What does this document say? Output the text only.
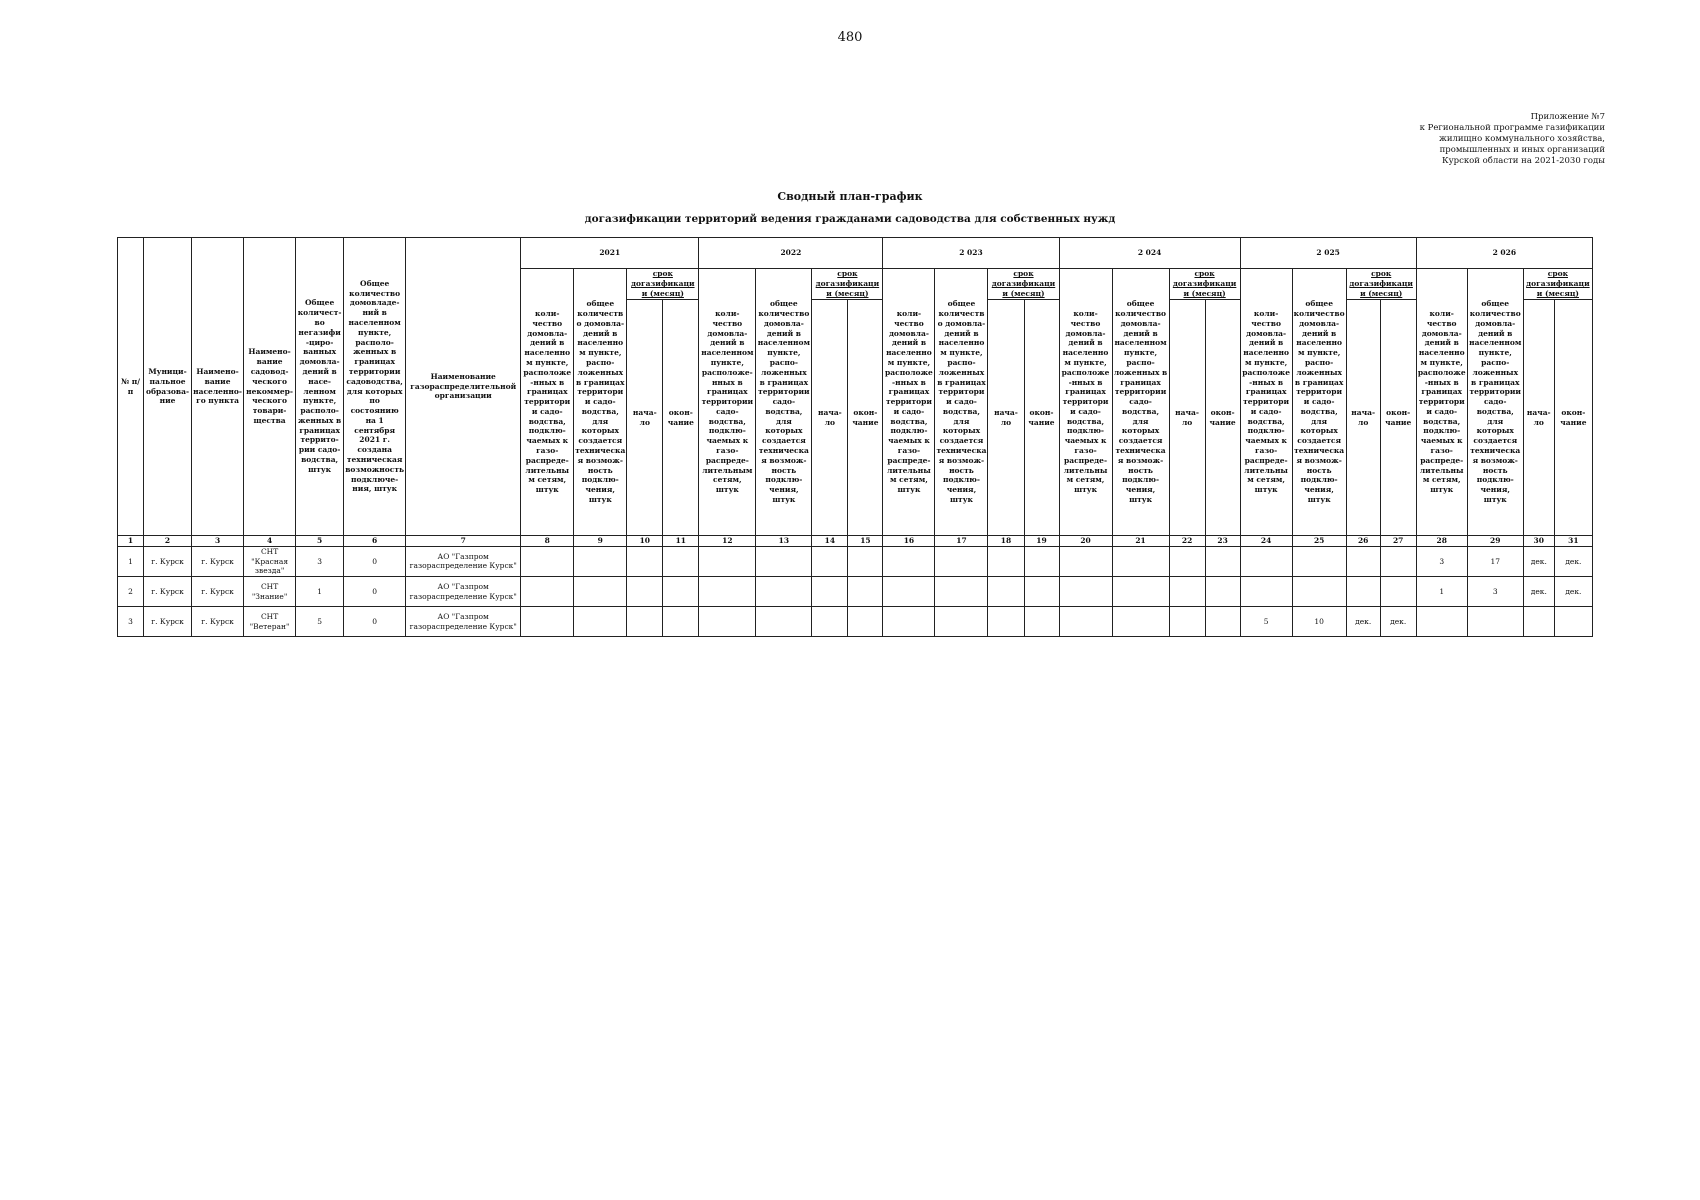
480
Приложение №7
к Региональной программе газификации
жилищно коммунального хозяйства,
промышленных и иных организаций
Курской области на 2021-2030 годы
Сводный план-график
догазификации территорий ведения гражданами садоводства для собственных нужд
№ п/п	Муници-пальное образова-ние	Наимено-вание населенно-го пункта	Наимено-вание садовод-ческого некоммер-ческого товари-щества	Общее количест-во негазифи-циро-ванных домовла-дений в насе-ленном пункте, располо-женных в границах террито-рии садо-водства, штук	Общее количество домовладе-ний в населенном пункте, располо-женных в границах территории садоводства, для которых по состоянию на 1 сентября 2021 г. создана техническая возможность подключе-ния, штук	Наименование газораспределительной организации	2021				2022				2 023				2 024				2 025				2 026			
							коли-чество домовла-дений в населенном пункте, расположе-нных в границах территории садо-водства, подклю-чаемых к газо-распреде-лительным сетям, штук	общее количество домовла-дений в населенном пункте, распо-ложенных в границах территории садо-водства, для которых создается техническая возмож-ность подклю-чения, штук	срок догазификации (месяц)		коли-чество домовла-дений в населенном пункте, расположе-нных в границах территории садо-водства, подклю-чаемых к газо-распреде-лительным сетям, штук	общее количество домовла-дений в населенном пункте, распо-ложенных в границах территории садо-водства, для которых создается техническая возмож-ность подклю-чения, штук	срок догазификации (месяц)		коли-чество домовла-дений в населенном пункте, расположе-нных в границах территории садо-водства, подклю-чаемых к газо-распреде-лительным сетям, штук	общее количество домовла-дений в населенном пункте, распо-ложенных в границах территории садо-водства, для которых создается техническая возмож-ность подклю-чения, штук	срок догазификации (месяц)		коли-чество домовла-дений в населенном пункте, расположе-нных в границах территории садо-водства, подклю-чаемых к газо-распреде-лительным сетям, штук	общее количество домовла-дений в населенном пункте, распо-ложенных в границах территории садо-водства, для которых создается техническая возмож-ность подклю-чения, штук	срок догазификации (месяц)		коли-чество домовла-дений в населенном пункте, расположе-нных в границах территории садо-водства, подклю-чаемых к газо-распреде-лительным сетям, штук	общее количество домовла-дений в населенном пункте, распо-ложенных в границах территории садо-водства, для которых создается техническая возмож-ность подклю-чения, штук	срок догазификации (месяц)		коли-чество домовла-дений в населенном пункте, расположе-нных в границах территории садо-водства, подклю-чаемых к газо-распреде-лительным сетям, штук	общее количество домовла-дений в населенном пункте, распо-ложенных в границах территории садо-водства, для которых создается техническая возмож-ность подклю-чения, штук	срок догазификации (месяц)	
									нача-ло	окон-чание			нача-ло	окон-чание			нача-ло	окон-чание			нача-ло	окон-чание			нача-ло	окон-чание			нача-ло	окон-чание
1	2	3	4	5	6	7	8	9	10	11	12	13	14	15	16	17	18	19	20	21	22	23	24	25	26	27	28	29	30	31
1	г. Курск	г. Курск	СНТ "Красная звезда"	3	0	АО "Газпром газораспределение Курск"																					3	17	дек.	дек.
2	г. Курск	г. Курск	СНТ "Знание"	1	0	АО "Газпром газораспределение Курск"																					1	3	дек.	дек.
3	г. Курск	г. Курск	СНТ "Ветеран"	5	0	АО "Газпром газораспределение Курск"																	5	10	дек.	дек.				
